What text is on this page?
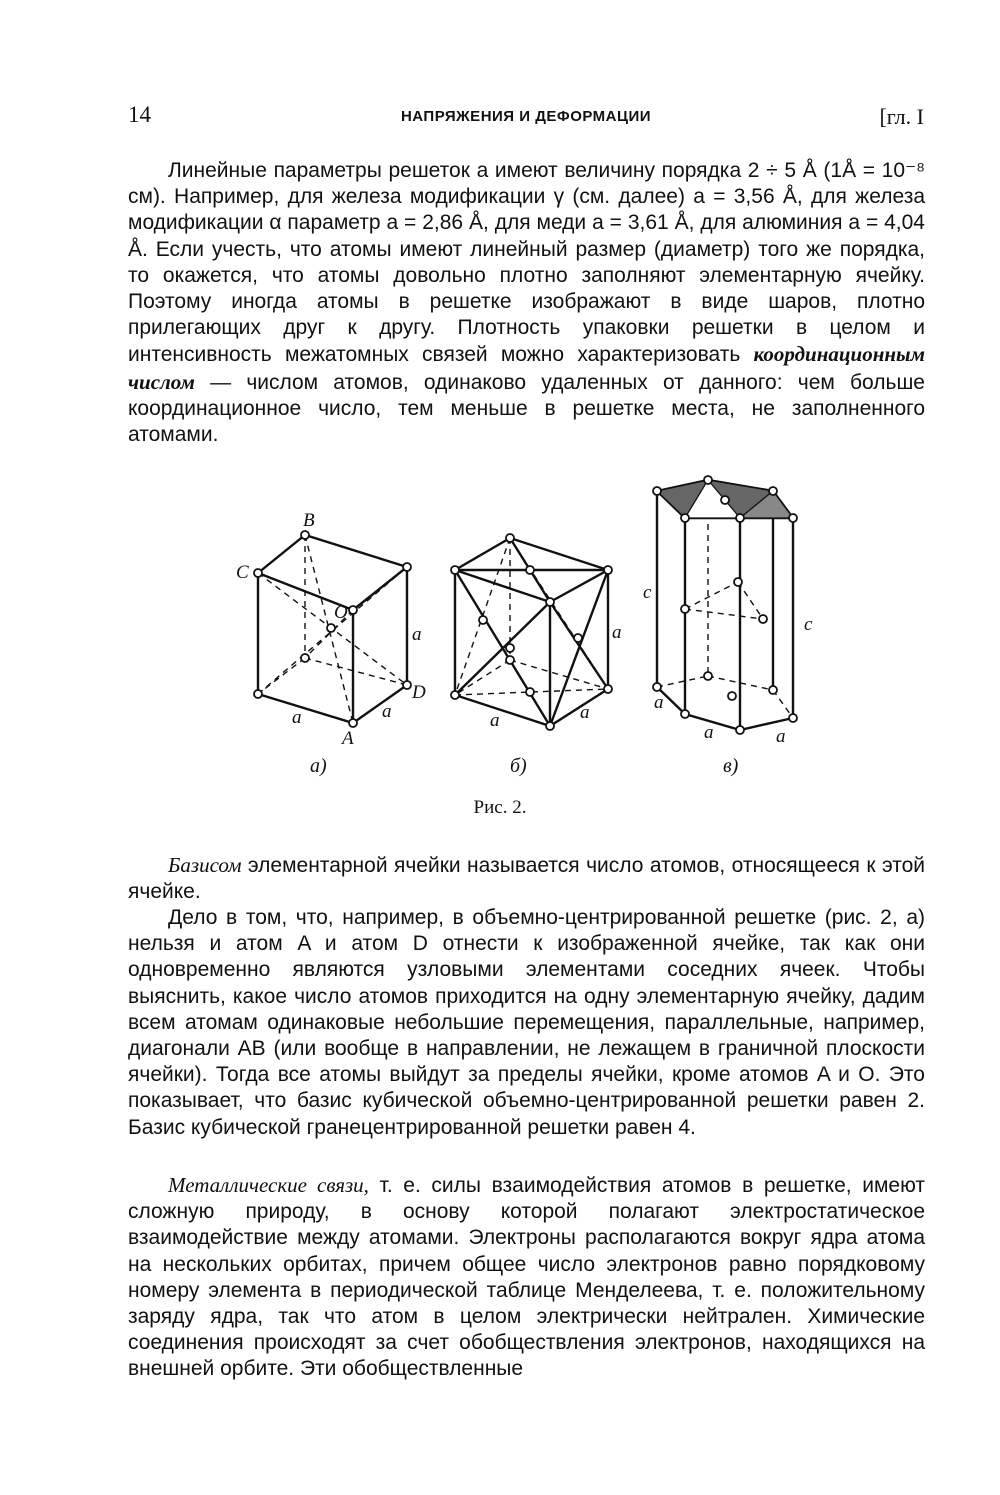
14	НАПРЯЖЕНИЯ И ДЕФОРМАЦИИ	[гл. I

Линейные параметры решеток a имеют величину порядка 2 ÷ 5 Å (1Å = 10⁻⁸ см). Например, для железа модификации γ (см. далее) a = 3,56 Å, для железа модификации α параметр a = 2,86 Å, для меди a = 3,61 Å, для алюминия a = 4,04 Å. Если учесть, что атомы имеют линейный размер (диаметр) того же порядка, то окажется, что атомы довольно плотно заполняют элементарную ячейку. Поэтому иногда атомы в решетке изображают в виде шаров, плотно прилегающих друг к другу. Плотность упаковки решетки в целом и интенсивность межатомных связей можно характеризовать координационным числом — числом атомов, одинаково удаленных от данного: чем больше координационное число, тем меньше в решетке места, не заполненного атомами.

B
C
O
a
D
a	a
A
a
a	a
c
c
a
a	a
а)	б)	в)
Рис. 2.

Базисом элементарной ячейки называется число атомов, относящееся к этой ячейке.

Дело в том, что, например, в объемно-центрированной решетке (рис. 2, а) нельзя и атом A и атом D отнести к изображенной ячейке, так как они одновременно являются узловыми элементами соседних ячеек. Чтобы выяснить, какое число атомов приходится на одну элементарную ячейку, дадим всем атомам одинаковые небольшие перемещения, параллельные, например, диагонали AB (или вообще в направлении, не лежащем в граничной плоскости ячейки). Тогда все атомы выйдут за пределы ячейки, кроме атомов A и O. Это показывает, что базис кубической объемно-центрированной решетки равен 2. Базис кубической гранецентрированной решетки равен 4.

Металлические связи, т. е. силы взаимодействия атомов в решетке, имеют сложную природу, в основу которой полагают электростатическое взаимодействие между атомами. Электроны располагаются вокруг ядра атома на нескольких орбитах, причем общее число электронов равно порядковому номеру элемента в периодической таблице Менделеева, т. е. положительному заряду ядра, так что атом в целом электрически нейтрален. Химические соединения происходят за счет обобществления электронов, находящихся на внешней орбите. Эти обобществленные
